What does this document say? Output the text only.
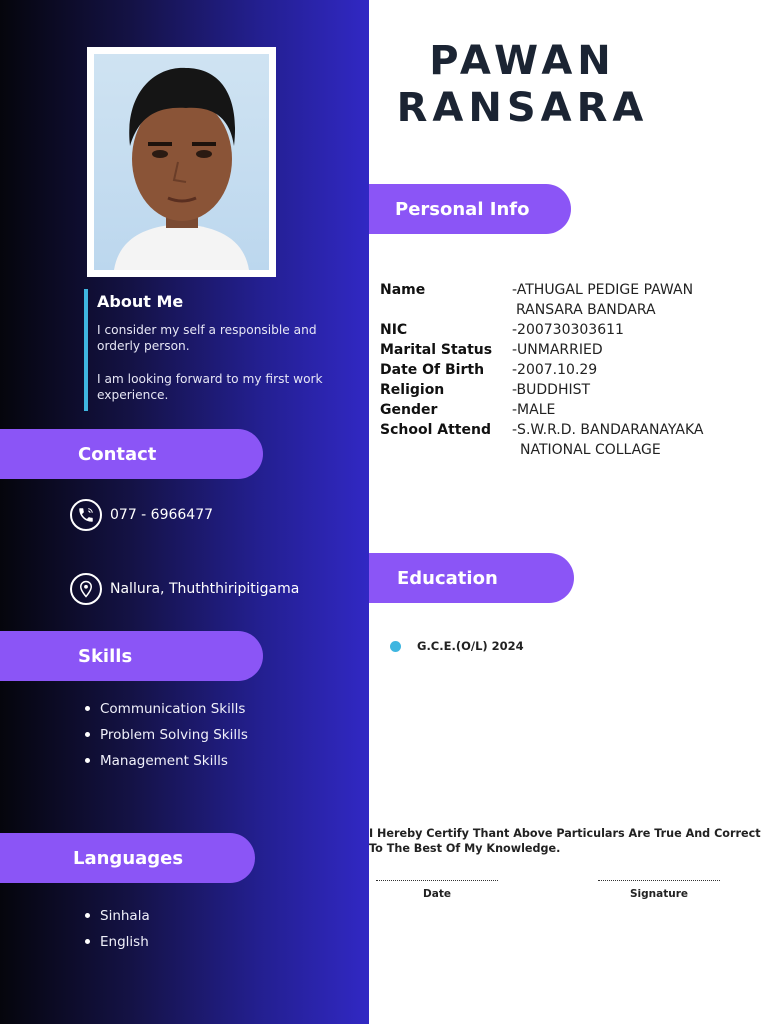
About Me

I consider my self a responsible and orderly person.

I am looking forward to my first work experience.

Contact
077 - 6966477
Nallura, Thuththiripitigama
Skills
Communication Skills
Problem Solving Skills
Management Skills
Languages
Sinhala
English
PAWAN
RANSARA
Personal Info
Name	-ATHUGAL PEDIGE PAWAN
RANSARA BANDARA
NIC	-200730303611
Marital Status	-UNMARRIED
Date Of Birth	-2007.10.29
Religion	-BUDDHIST
Gender	-MALE
School Attend	-S.W.R.D. BANDARANAYAKA
NATIONAL COLLAGE
Education
G.C.E.(O/L) 2024
I Hereby Certify Thant Above Particulars Are True And Correct To The Best Of My Knowledge.
Date	Signature
